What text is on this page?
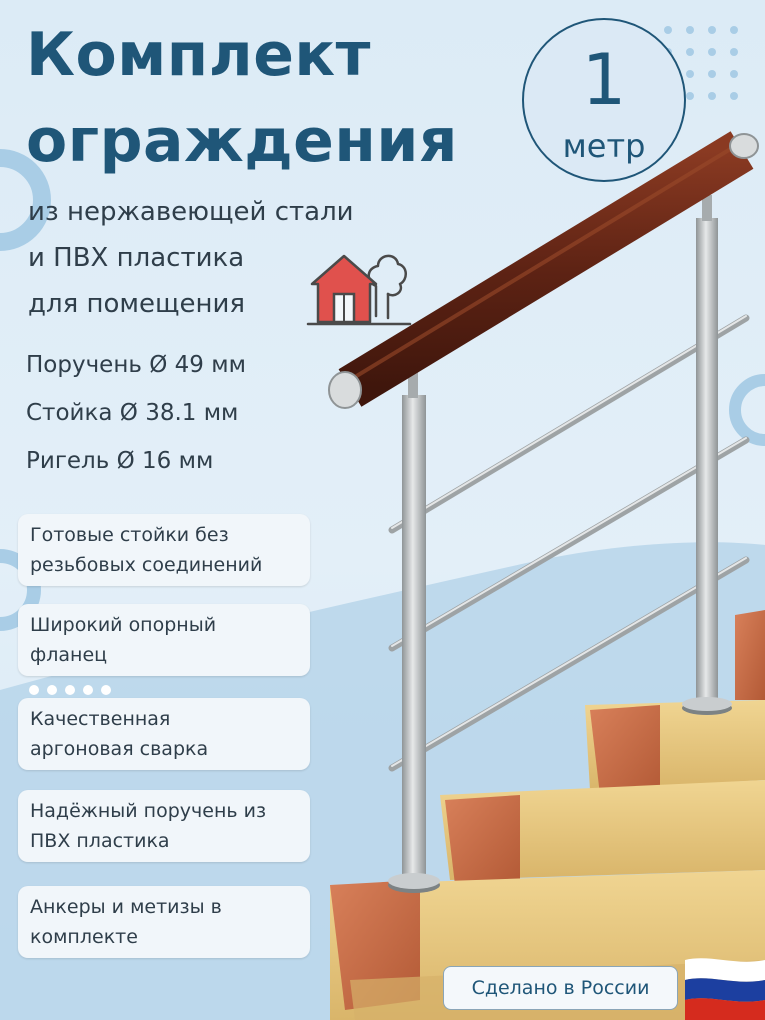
Комплект
ограждения
1
метр
из нержавеющей стали
и ПВХ пластика
для помещения
Поручень Ø 49 мм
Стойка Ø 38.1 мм
Ригель Ø 16 мм
Готовые стойки без
резьбовых соединений
Широкий опорный
фланец
Качественная
аргоновая сварка
Надёжный поручень из
ПВХ пластика
Анкеры и метизы в
комплекте
Сделано в России
